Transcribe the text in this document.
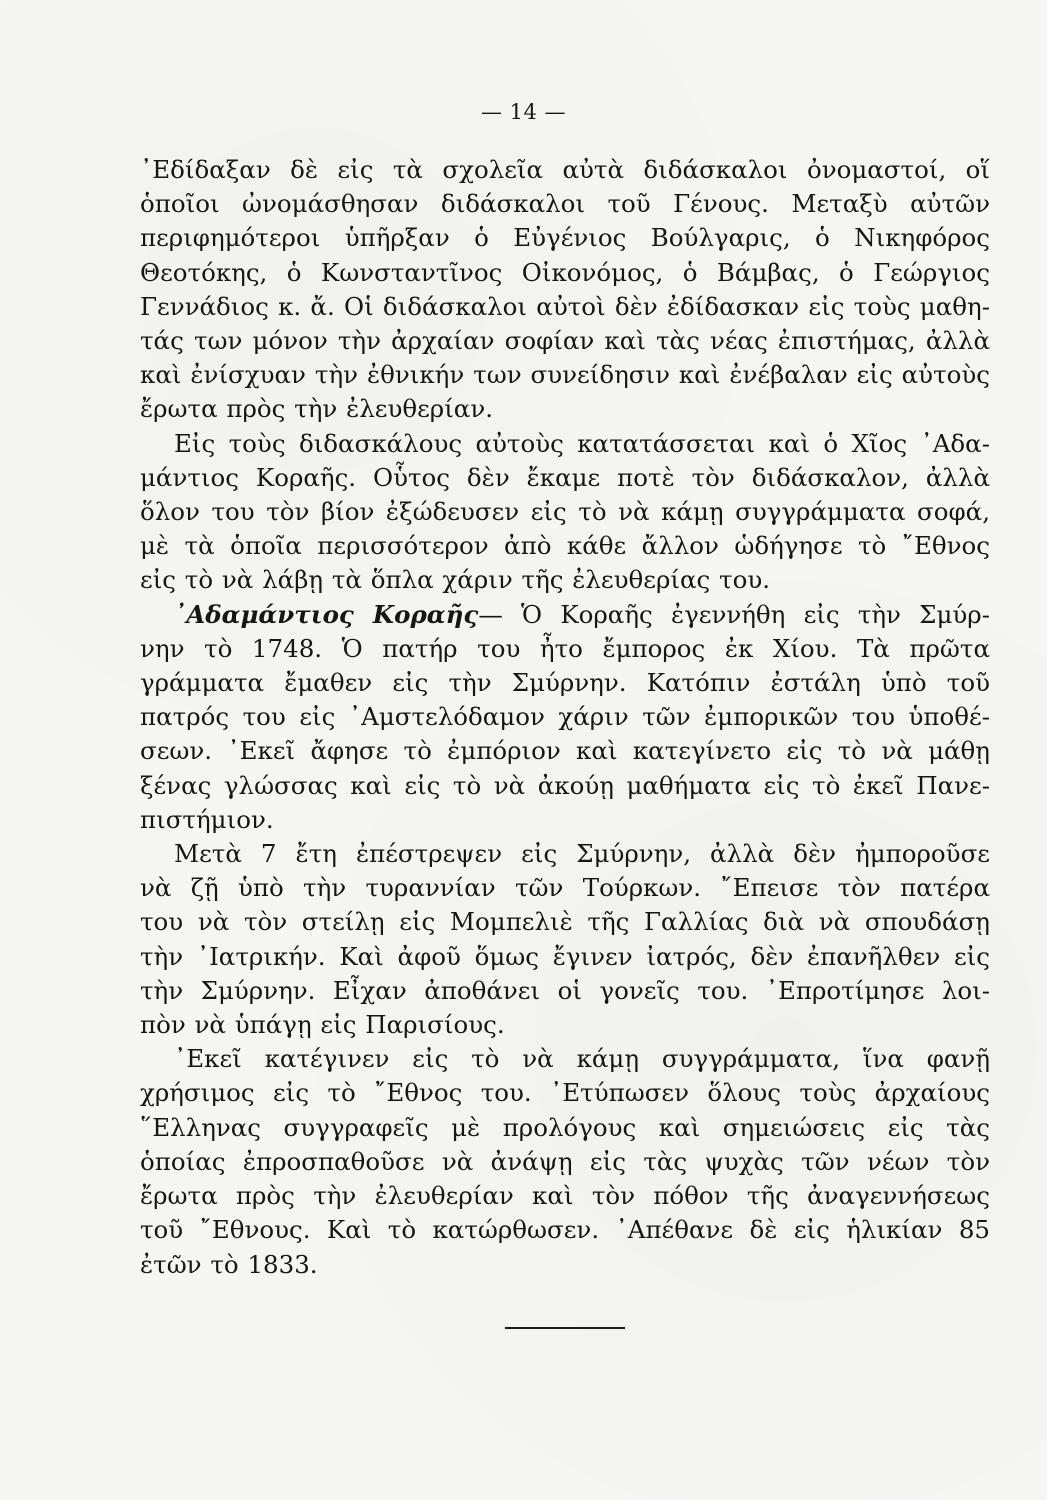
— 14 —
᾿Εδίδαξαν δὲ εἰς τὰ σχολεῖα αὐτὰ διδάσκαλοι ὀνομαστοί, οἵ
ὁποῖοι ὠνομάσθησαν διδάσκαλοι τοῦ Γένους. Μεταξὺ αὐτῶν
περιφημότεροι ὑπῆρξαν ὁ Εὐγένιος Βούλγαρις, ὁ Νικηφόρος
Θεοτόκης, ὁ Κωνσταντῖνος Οἰκονόμος, ὁ Βάμβας, ὁ Γεώργιος
Γεννάδιος κ. ἄ. Οἱ διδάσκαλοι αὐτοὶ δὲν ἐδίδασκαν εἰς τοὺς μαθη-
τάς των μόνον τὴν ἀρχαίαν σοφίαν καὶ τὰς νέας ἐπιστήμας, ἀλλὰ
καὶ ἐνίσχυαν τὴν ἐθνικήν των συνείδησιν καὶ ἐνέβαλαν εἰς αὐτοὺς
ἔρωτα πρὸς τὴν ἐλευθερίαν.
Εἰς τοὺς διδασκάλους αὐτοὺς κατατάσσεται καὶ ὁ Χῖος ᾿Αδα-
μάντιος Κοραῆς. Οὗτος δὲν ἔκαμε ποτὲ τὸν διδάσκαλον, ἀλλὰ
ὅλον του τὸν βίον ἐξώδευσεν εἰς τὸ νὰ κάμῃ συγγράμματα σοφά,
μὲ τὰ ὁποῖα περισσότερον ἀπὸ κάθε ἄλλον ὡδήγησε τὸ ῎Εθνος
εἰς τὸ νὰ λάβῃ τὰ ὅπλα χάριν τῆς ἐλευθερίας του.
᾿Αδαμάντιος Κοραῆς— Ὁ Κοραῆς ἐγεννήθη εἰς τὴν Σμύρ-
νην τὸ 1748. Ὁ πατήρ του ἦτο ἔμπορος ἐκ Χίου. Τὰ πρῶτα
γράμματα ἔμαθεν εἰς τὴν Σμύρνην. Κατόπιν ἐστάλη ὑπὸ τοῦ
πατρός του εἰς ᾿Αμστελόδαμον χάριν τῶν ἐμπορικῶν του ὑποθέ-
σεων. ᾿Εκεῖ ἄφησε τὸ ἐμπόριον καὶ κατεγίνετο εἰς τὸ νὰ μάθῃ
ξένας γλώσσας καὶ εἰς τὸ νὰ ἀκούῃ μαθήματα εἰς τὸ ἐκεῖ Πανε-
πιστήμιον.
Μετὰ 7 ἔτη ἐπέστρεψεν εἰς Σμύρνην, ἀλλὰ δὲν ἠμποροῦσε
νὰ ζῇ ὑπὸ τὴν τυραννίαν τῶν Τούρκων. ῎Επεισε τὸν πατέρα
του νὰ τὸν στείλῃ εἰς Μομπελιὲ τῆς Γαλλίας διὰ νὰ σπουδάσῃ
τὴν ᾿Ιατρικήν. Καὶ ἀφοῦ ὅμως ἔγινεν ἰατρός, δὲν ἐπανῆλθεν εἰς
τὴν Σμύρνην. Εἶχαν ἀποθάνει οἱ γονεῖς του. ᾿Επροτίμησε λοι-
πὸν νὰ ὑπάγῃ εἰς Παρισίους.
᾿Εκεῖ κατέγινεν εἰς τὸ νὰ κάμῃ συγγράμματα, ἵνα φανῇ
χρήσιμος εἰς τὸ ῎Εθνος του. ᾿Ετύπωσεν ὅλους τοὺς ἀρχαίους
῞Ελληνας συγγραφεῖς μὲ προλόγους καὶ σημειώσεις εἰς τὰς
ὁποίας ἐπροσπαθοῦσε νὰ ἀνάψῃ εἰς τὰς ψυχὰς τῶν νέων τὸν
ἔρωτα πρὸς τὴν ἐλευθερίαν καὶ τὸν πόθον τῆς ἀναγεννήσεως
τοῦ ῎Εθνους. Καὶ τὸ κατώρθωσεν. ᾿Απέθανε δὲ εἰς ἡλικίαν 85
ἐτῶν τὸ 1833.
